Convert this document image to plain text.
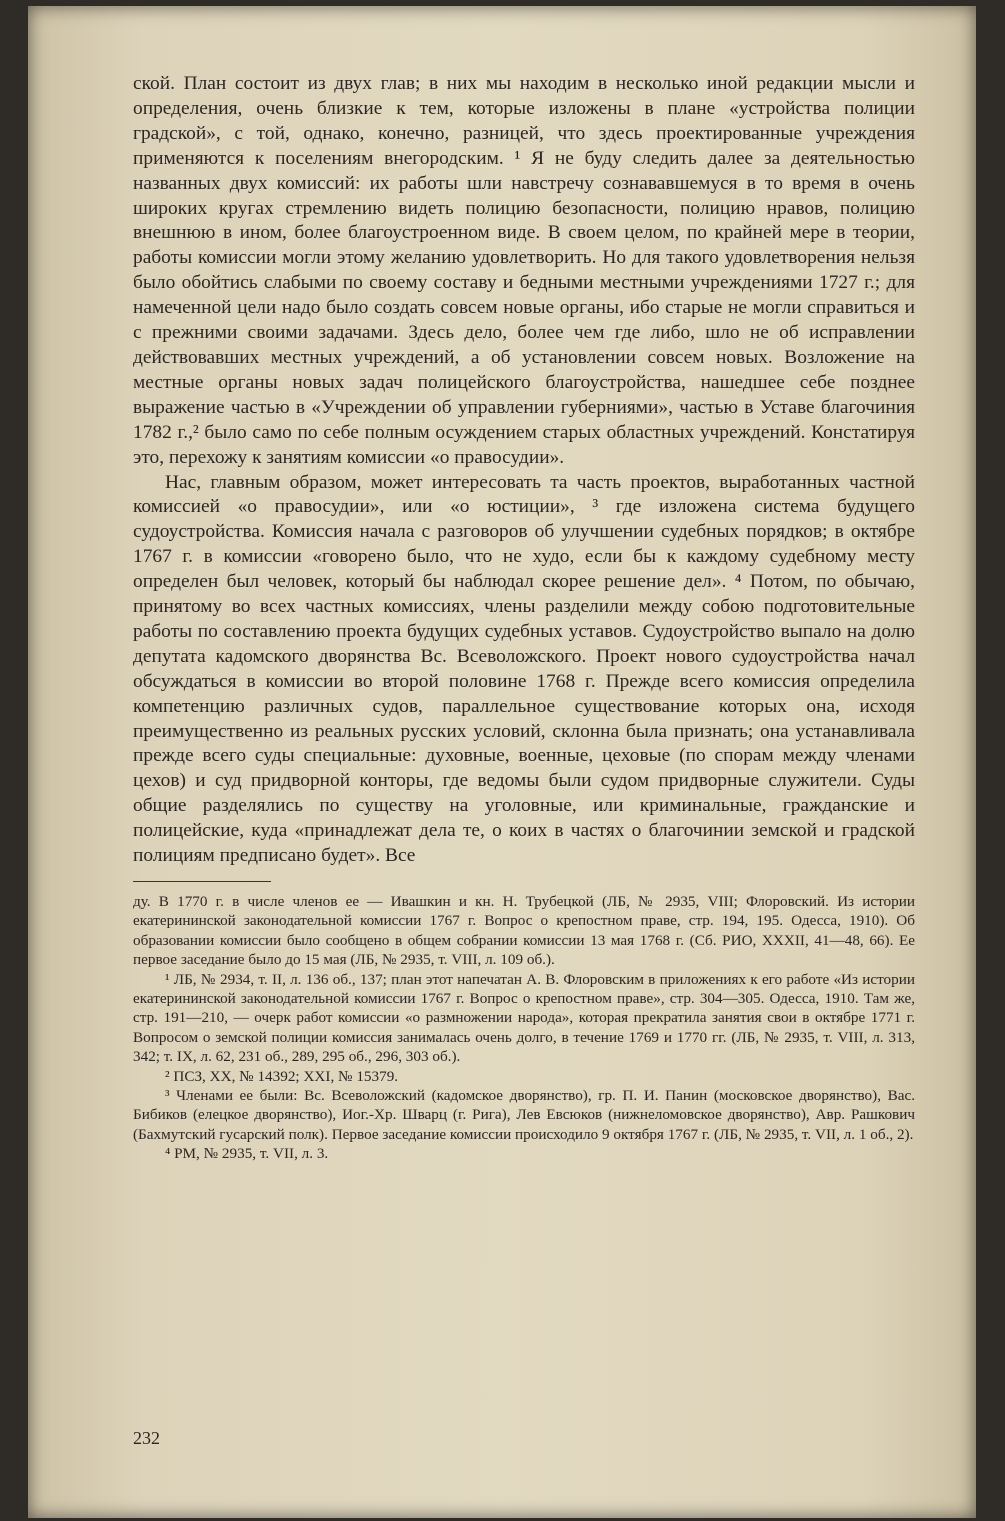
ской. План состоит из двух глав; в них мы находим в несколько иной редакции мысли и определения, очень близкие к тем, которые изложены в плане «устройства полиции градской», с той, однако, конечно, разницей, что здесь проектированные учреждения применяются к поселениям внегородским. ¹ Я не буду следить далее за деятельностью названных двух комиссий: их работы шли навстречу сознававшемуся в то время в очень широких кругах стремлению видеть полицию безопасности, полицию нравов, полицию внешнюю в ином, более благоустроенном виде. В своем целом, по крайней мере в теории, работы комиссии могли этому желанию удовлетворить. Но для такого удовлетворения нельзя было обойтись слабыми по своему составу и бедными местными учреждениями 1727 г.; для намеченной цели надо было создать совсем новые органы, ибо старые не могли справиться и с прежними своими задачами. Здесь дело, более чем где либо, шло не об исправлении действовавших местных учреждений, а об установлении совсем новых. Возложение на местные органы новых задач полицейского благоустройства, нашедшее себе позднее выражение частью в «Учреждении об управлении губерниями», частью в Уставе благочиния 1782 г.,² было само по себе полным осуждением старых областных учреждений. Констатируя это, перехожу к занятиям комиссии «о правосудии».

Нас, главным образом, может интересовать та часть проектов, выработанных частной комиссией «о правосудии», или «о юстиции», ³ где изложена система будущего судоустройства. Комиссия начала с разговоров об улучшении судебных порядков; в октябре 1767 г. в комиссии «говорено было, что не худо, если бы к каждому судебному месту определен был человек, который бы наблюдал скорее решение дел». ⁴ Потом, по обычаю, принятому во всех частных комиссиях, члены разделили между собою подготовительные работы по составлению проекта будущих судебных уставов. Судоустройство выпало на долю депутата кадомского дворянства Вс. Всеволожского. Проект нового судоустройства начал обсуждаться в комиссии во второй половине 1768 г. Прежде всего комиссия определила компетенцию различных судов, параллельное существование которых она, исходя преимущественно из реальных русских условий, склонна была признать; она устанавливала прежде всего суды специальные: духовные, военные, цеховые (по спорам между членами цехов) и суд придворной конторы, где ведомы были судом придворные служители. Суды общие разделялись по существу на уголовные, или криминальные, гражданские и полицейские, куда «принадлежат дела те, о коих в частях о благочинии земской и градской полициям предписано будет». Все

ду. В 1770 г. в числе членов ее — Ивашкин и кн. Н. Трубецкой (ЛБ, № 2935, VIII; Флоровский. Из истории екатерининской законодательной комиссии 1767 г. Вопрос о крепостном праве, стр. 194, 195. Одесса, 1910). Об образовании комиссии было сообщено в общем собрании комиссии 13 мая 1768 г. (Сб. РИО, XXXII, 41—48, 66). Ее первое заседание было до 15 мая (ЛБ, № 2935, т. VIII, л. 109 об.).

¹ ЛБ, № 2934, т. II, л. 136 об., 137; план этот напечатан А. В. Флоровским в приложениях к его работе «Из истории екатерининской законодательной комиссии 1767 г. Вопрос о крепостном праве», стр. 304—305. Одесса, 1910. Там же, стр. 191—210, — очерк работ комиссии «о размножении народа», которая прекратила занятия свои в октябре 1771 г. Вопросом о земской полиции комиссия занималась очень долго, в течение 1769 и 1770 гг. (ЛБ, № 2935, т. VIII, л. 313, 342; т. IX, л. 62, 231 об., 289, 295 об., 296, 303 об.).

² ПСЗ, XX, № 14392; XXI, № 15379.

³ Членами ее были: Вс. Всеволожский (кадомское дворянство), гр. П. И. Панин (московское дворянство), Вас. Бибиков (елецкое дворянство), Иог.-Хр. Шварц (г. Рига), Лев Евсюков (нижнеломовское дворянство), Авр. Рашкович (Бахмутский гусарский полк). Первое заседание комиссии происходило 9 октября 1767 г. (ЛБ, № 2935, т. VII, л. 1 об., 2).

⁴ РМ, № 2935, т. VII, л. 3.

232
